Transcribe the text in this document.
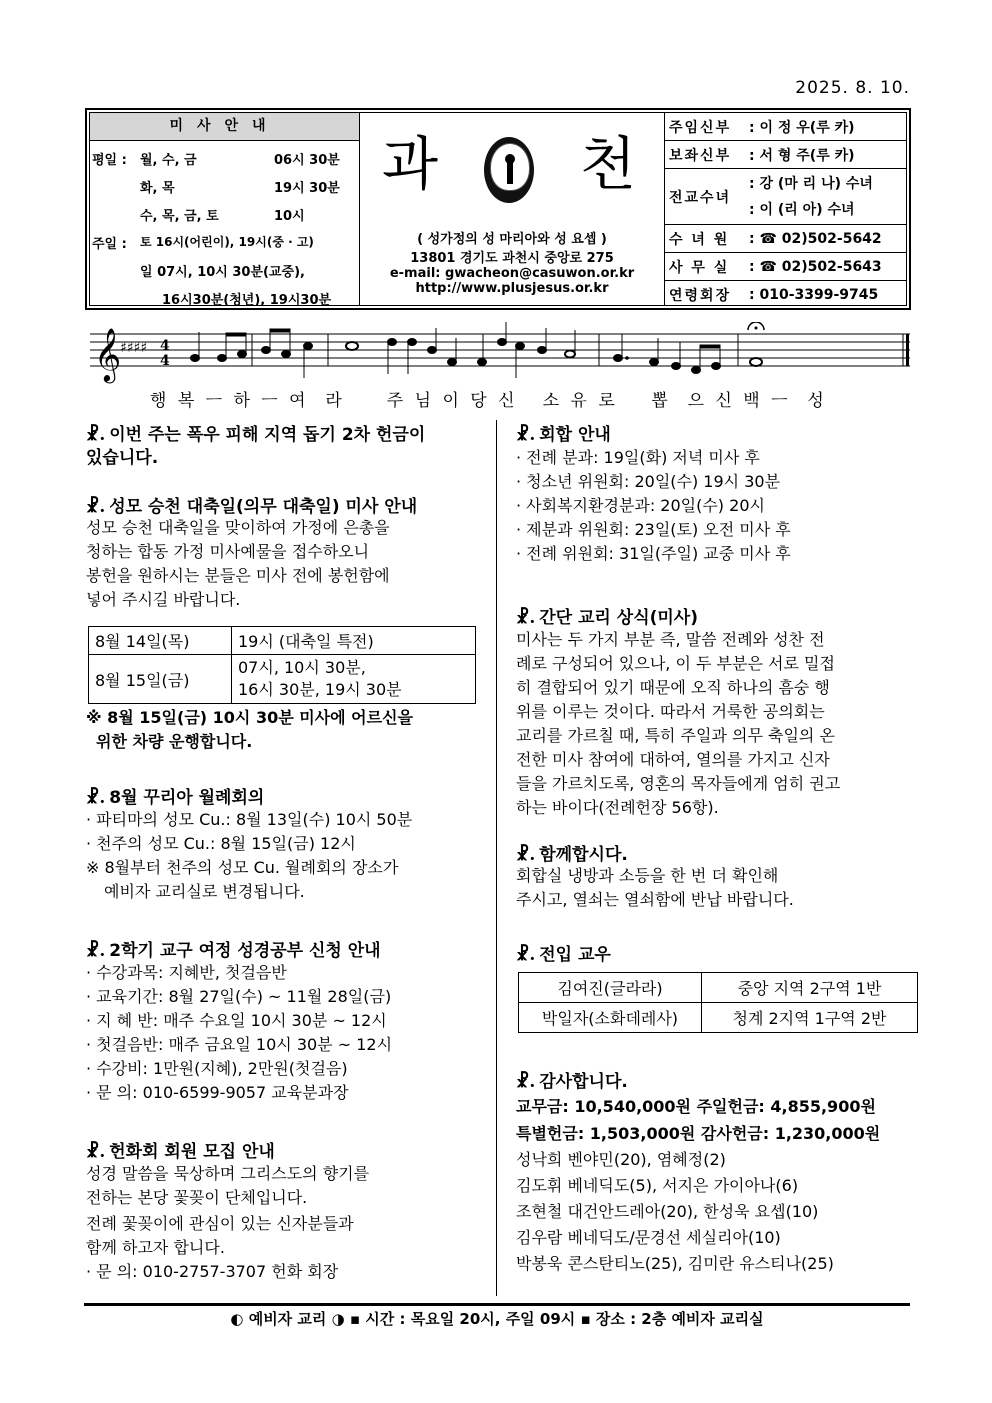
2025. 8. 10.
미사안내
평일 : 월, 수, 금	06시 30분
화, 목	19시 30분
수, 목, 금, 토	10시
주일 : 토 16시(어린이), 19시(중 · 고)
일 07시, 10시 30분(교중),
16시30분(청년), 19시30분
과 천
( 성가정의 성 마리아와 성 요셉 )
13801 경기도 과천시 중앙로 275
e-mail: gwacheon@casuwon.or.kr
http://www.plusjesus.or.kr
주임신부	: 이 정 우(루 카)
보좌신부	: 서 형 주(루 카)
전교수녀
: 강 (마 리 나) 수녀
: 이 (리 아) 수녀
수 녀 원	: ☎ 02)502-5642
사 무 실	: ☎ 02)502-5643
연령회장	: 010-3399-9745
𝄞
♯♯♯♯ 4
4
행 복 ㅡ 하 ㅡ 여  라     주 님 이 당 신   소 유 로    뽑  으 신 백 ㅡ  성
☧. 이번 주는 폭우 피해 지역 돕기 2차 헌금이
있습니다.
☧. 성모 승천 대축일(의무 대축일) 미사 안내
성모 승천 대축일을 맞이하여 가정에 은총을
청하는 합동 가정 미사예물을 접수하오니
봉헌을 원하시는 분들은 미사 전에 봉헌함에
넣어 주시길 바랍니다.
8월 14일(목)	19시 (대축일 특전)
8월 15일(금)	07시, 10시 30분,
16시 30분, 19시 30분
※ 8월 15일(금) 10시 30분 미사에 어르신을
위한 차량 운행합니다.
☧. 8월 꾸리아 월례회의
· 파티마의 성모 Cu.: 8월 13일(수) 10시 50분
· 천주의 성모 Cu.: 8월 15일(금) 12시
※ 8월부터 천주의 성모 Cu. 월례회의 장소가
예비자 교리실로 변경됩니다.
☧. 2학기 교구 여정 성경공부 신청 안내
· 수강과목: 지혜반, 첫걸음반
· 교육기간: 8월 27일(수) ~ 11월 28일(금)
· 지 혜 반: 매주 수요일 10시 30분 ~ 12시
· 첫걸음반: 매주 금요일 10시 30분 ~ 12시
· 수강비: 1만원(지혜), 2만원(첫걸음)
· 문 의: 010-6599-9057 교육분과장
☧. 헌화회 회원 모집 안내
성경 말씀을 묵상하며 그리스도의 향기를
전하는 본당 꽃꽂이 단체입니다.
전례 꽃꽂이에 관심이 있는 신자분들과
함께 하고자 합니다.
· 문 의: 010-2757-3707 헌화 회장
☧. 회합 안내
· 전례 분과: 19일(화) 저녁 미사 후
· 청소년 위원회: 20일(수) 19시 30분
· 사회복지환경분과: 20일(수) 20시
· 제분과 위원회: 23일(토) 오전 미사 후
· 전례 위원회: 31일(주일) 교중 미사 후
☧. 간단 교리 상식(미사)
미사는 두 가지 부분 즉, 말씀 전례와 성찬 전
례로 구성되어 있으나, 이 두 부분은 서로 밀접
히 결합되어 있기 때문에 오직 하나의 흠숭 행
위를 이루는 것이다. 따라서 거룩한 공의회는
교리를 가르칠 때, 특히 주일과 의무 축일의 온
전한 미사 참여에 대하여, 열의를 가지고 신자
들을 가르치도록, 영혼의 목자들에게 엄히 권고
하는 바이다(전례헌장 56항).
☧. 함께합시다.
회합실 냉방과 소등을 한 번 더 확인해
주시고, 열쇠는 열쇠함에 반납 바랍니다.
☧. 전입 교우
김여진(글라라)	중앙 지역 2구역 1반
박일자(소화데레사)	청계 2지역 1구역 2반
☧. 감사합니다.
교무금: 10,540,000원 주일헌금: 4,855,900원
특별헌금: 1,503,000원 감사헌금: 1,230,000원
성낙희 벤야민(20), 염혜정(2)
김도휘 베네딕도(5), 서지은 가이아나(6)
조현철 대건안드레아(20), 한성욱 요셉(10)
김우람 베네딕도/문경선 세실리아(10)
박봉욱 콘스탄티노(25), 김미란 유스티나(25)
◐ 예비자 교리 ◑ ▪ 시간 : 목요일 20시, 주일 09시 ▪ 장소 : 2층 예비자 교리실
